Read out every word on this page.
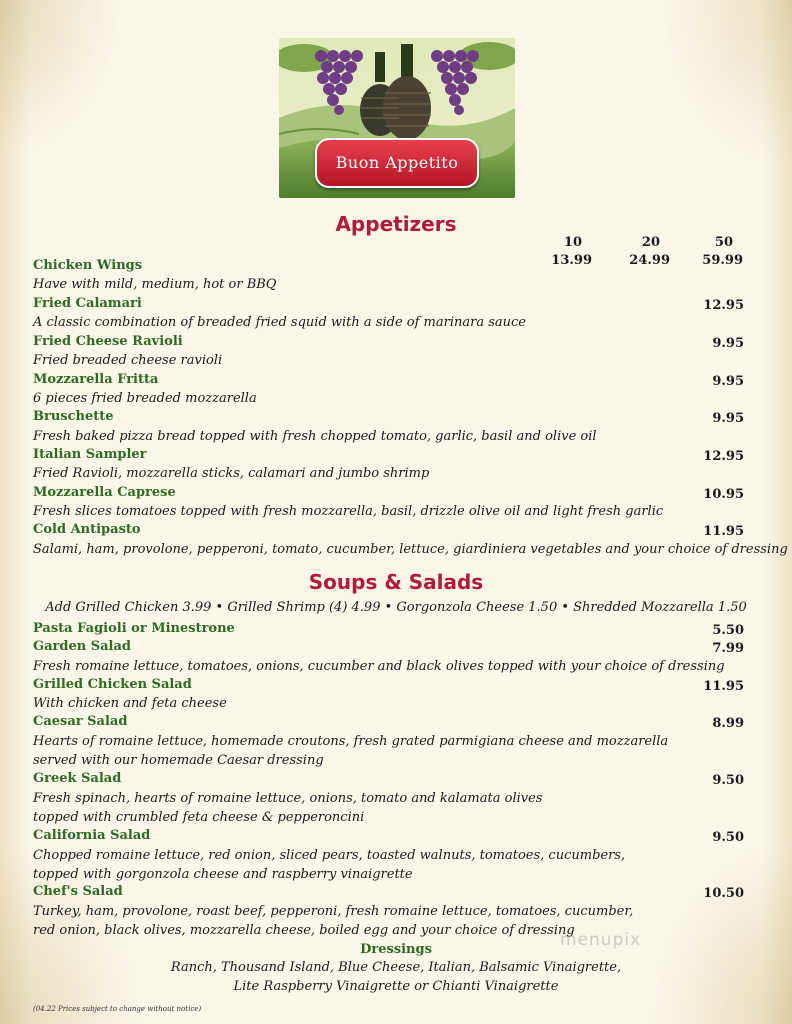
Buon Appetito
Appetizers
10	20	50
Chicken Wings	13.99	24.99	59.99
Have with mild, medium, hot or BBQ
Fried Calamari	12.95
A classic combination of breaded fried squid with a side of marinara sauce
Fried Cheese Ravioli	9.95
Fried breaded cheese ravioli
Mozzarella Fritta	9.95
6 pieces fried breaded mozzarella
Bruschette	9.95
Fresh baked pizza bread topped with fresh chopped tomato, garlic, basil and olive oil
Italian Sampler	12.95
Fried Ravioli, mozzarella sticks, calamari and jumbo shrimp
Mozzarella Caprese	10.95
Fresh slices tomatoes topped with fresh mozzarella, basil, drizzle olive oil and light fresh garlic
Cold Antipasto	11.95
Salami, ham, provolone, pepperoni, tomato, cucumber, lettuce, giardiniera vegetables and your choice of dressing
Soups & Salads
Add Grilled Chicken 3.99 • Grilled Shrimp (4) 4.99 • Gorgonzola Cheese 1.50 • Shredded Mozzarella 1.50
Pasta Fagioli or Minestrone	5.50
Garden Salad	7.99
Fresh romaine lettuce, tomatoes, onions, cucumber and black olives topped with your choice of dressing
Grilled Chicken Salad	11.95
With chicken and feta cheese
Caesar Salad	8.99
Hearts of romaine lettuce, homemade croutons, fresh grated parmigiana cheese and mozzarella
served with our homemade Caesar dressing
Greek Salad	9.50
Fresh spinach, hearts of romaine lettuce, onions, tomato and kalamata olives
topped with crumbled feta cheese & pepperoncini
California Salad	9.50
Chopped romaine lettuce, red onion, sliced pears, toasted walnuts, tomatoes, cucumbers,
topped with gorgonzola cheese and raspberry vinaigrette
Chef's Salad	10.50
Turkey, ham, provolone, roast beef, pepperoni, fresh romaine lettuce, tomatoes, cucumber,
red onion, black olives, mozzarella cheese, boiled egg and your choice of dressing
Dressings
Ranch, Thousand Island, Blue Cheese, Italian, Balsamic Vinaigrette,
Lite Raspberry Vinaigrette or Chianti Vinaigrette
menupix
(04.22 Prices subject to change without notice)
